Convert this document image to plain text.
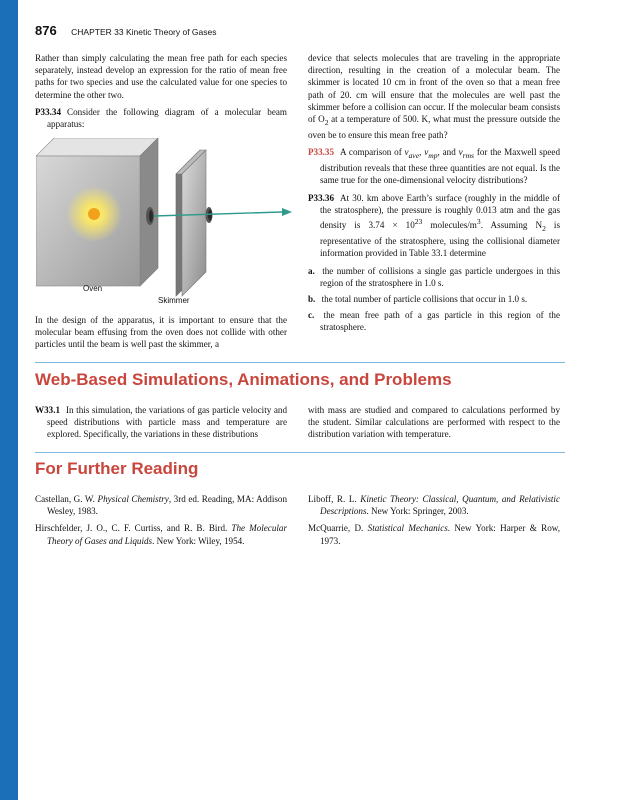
876 CHAPTER 33 Kinetic Theory of Gases

Rather than simply calculating the mean free path for each species separately, instead develop an expression for the ratio of mean free paths for two species and use the calculated value for one species to determine the other two.

P33.34 Consider the following diagram of a molecular beam apparatus:

Oven
Skimmer

In the design of the apparatus, it is important to ensure that the molecular beam effusing from the oven does not collide with other particles until the beam is well past the skimmer, a

device that selects molecules that are traveling in the appropriate direction, resulting in the creation of a molecular beam. The skimmer is located 10 cm in front of the oven so that a mean free path of 20. cm will ensure that the molecules are well past the skimmer before a collision can occur. If the molecular beam consists of $O_2$ at a temperature of 500. K, what must the pressure outside the oven be to ensure this mean free path?

P33.35 A comparison of $v_{ave}$, $v_{mp}$, and $v_{rms}$ for the Maxwell speed distribution reveals that these three quantities are not equal. Is the same true for the one-dimensional velocity distributions?

P33.36 At 30. km above Earth’s surface (roughly in the middle of the stratosphere), the pressure is roughly 0.013 atm and the gas density is $3.74 \times 10^{23}$ molecules/$m^3$. Assuming $N_2$ is representative of the stratosphere, using the collisional diameter information provided in Table 33.1 determine

a. the number of collisions a single gas particle undergoes in this region of the stratosphere in 1.0 s.
b. the total number of particle collisions that occur in 1.0 s.
c. the mean free path of a gas particle in this region of the stratosphere.
Web-Based Simulations, Animations, and Problems

W33.1 In this simulation, the variations of gas particle velocity and speed distributions with particle mass and temperature are explored. Specifically, the variations in these distributions

with mass are studied and compared to calculations performed by the student. Similar calculations are performed with respect to the distribution variation with temperature.

For Further Reading

Castellan, G. W. Physical Chemistry, 3rd ed. Reading, MA: Addison Wesley, 1983.

Hirschfelder, J. O., C. F. Curtiss, and R. B. Bird. The Molecular Theory of Gases and Liquids. New York: Wiley, 1954.

Liboff, R. L. Kinetic Theory: Classical, Quantum, and Relativistic Descriptions. New York: Springer, 2003.

McQuarrie, D. Statistical Mechanics. New York: Harper & Row, 1973.
